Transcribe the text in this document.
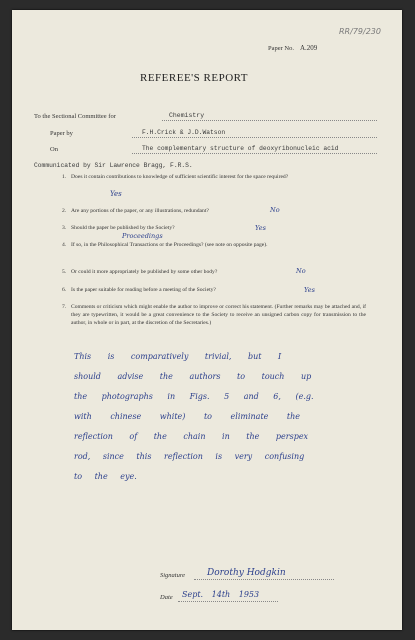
RR/79/230
Paper No. A.209
REFEREE'S REPORT
To the Sectional Committee for	Chemistry
Paper by	F.H.Crick & J.D.Watson
On	The complementary structure of deoxyribonucleic acid
Communicated by Sir Lawrence Bragg, F.R.S.
1. Does it contain contributions to knowledge of sufficient scientific interest for the space required?
Yes
2. Are any portions of the paper, or any illustrations, redundant?	No
3. Should the paper be published by the Society?	Yes
4. If so, in the Philosophical Transactions or the Proceedings? (see note on opposite page).
Proceedings
5. Or could it more appropriately be published by some other body?	No
6. Is the paper suitable for reading before a meeting of the Society?	Yes
7. Comments or criticism which might enable the author to improve or correct his statement. (Further remarks may be attached and, if they are typewritten, it would be a great convenience to the Society to receive an unsigned carbon copy for transmission to the author, in whole or in part, at the discretion of the Secretaries.)
This is comparatively trivial, but I
should advise the authors to touch up
the photographs in Figs. 5 and 6, (e.g.
with chinese white) to eliminate the
reflection of the chain in the perspex
rod, since this reflection is very confusing
to the eye.
Signature Dorothy Hodgkin
Date Sept. 14th 1953
